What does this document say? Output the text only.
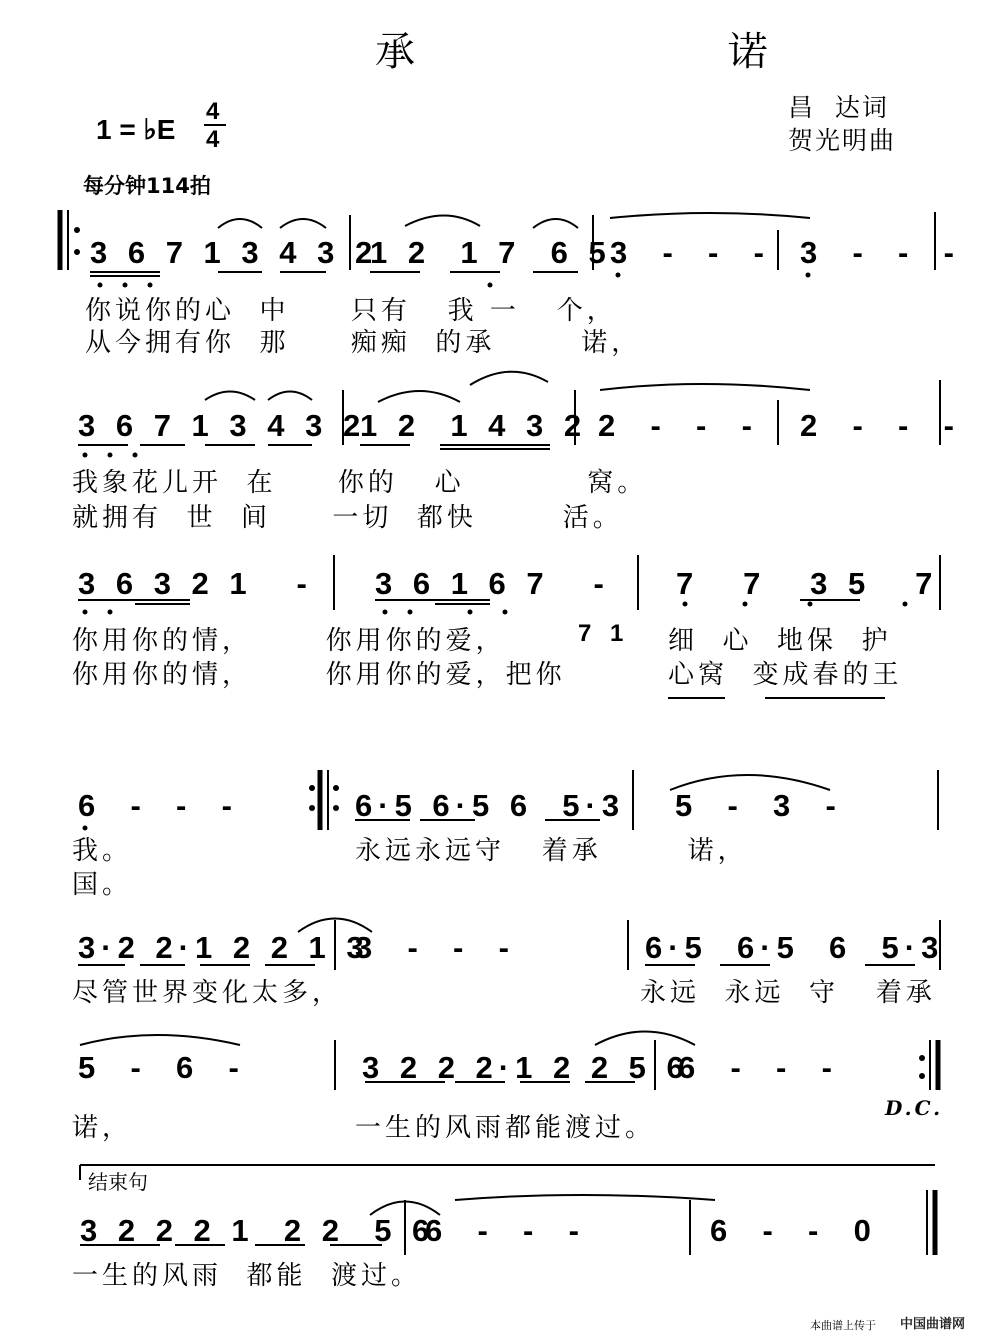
承 诺
1 = ♭E
4
4
昌  达词
贺光明曲
每分钟114拍
3 6 7 1 3 4 3 2
1 2  1 7  6 5
3  -  -  - 3  -  -  -
你说你的心  中     只有   我 一   个，
从今拥有你  那     痴痴  的承       诺，
3 6 7 1 3 4 3 2
1 2  1 4 3 2 2  -  -  - 2  -  -  -
我象花儿开  在     你的   心          窝。
就拥有  世  间     一切  都快       活。
3 6 3 2 1   - 3 6 1 6 7   - 7   7   3 5   7
7 1
你用你的情，      你用你的爱，
你用你的情，      你用你的爱，把你
细  心  地保  护
心窝  变成春的王
6  -  -  -	6·5 6·5 6  5·3 5  -  3  -
我。
国。
永远永远守   着承       诺，
3·2 2·1 2 2 1 3
3  -  -  -	6·5  6·5  6  5·3
尽管世界变化太多，	永远  永远  守   着承
5  -  6  -	3 2 2 2·1 2 2 5 6
6  -  -  -
诺，	一生的风雨都能渡过。
D.C.
结束句
3 2 2 2 1  2 2  5 6
6  -  -  -	6  -  -  0
一生的风雨  都能  渡过。
本曲谱上传于 中国曲谱网
